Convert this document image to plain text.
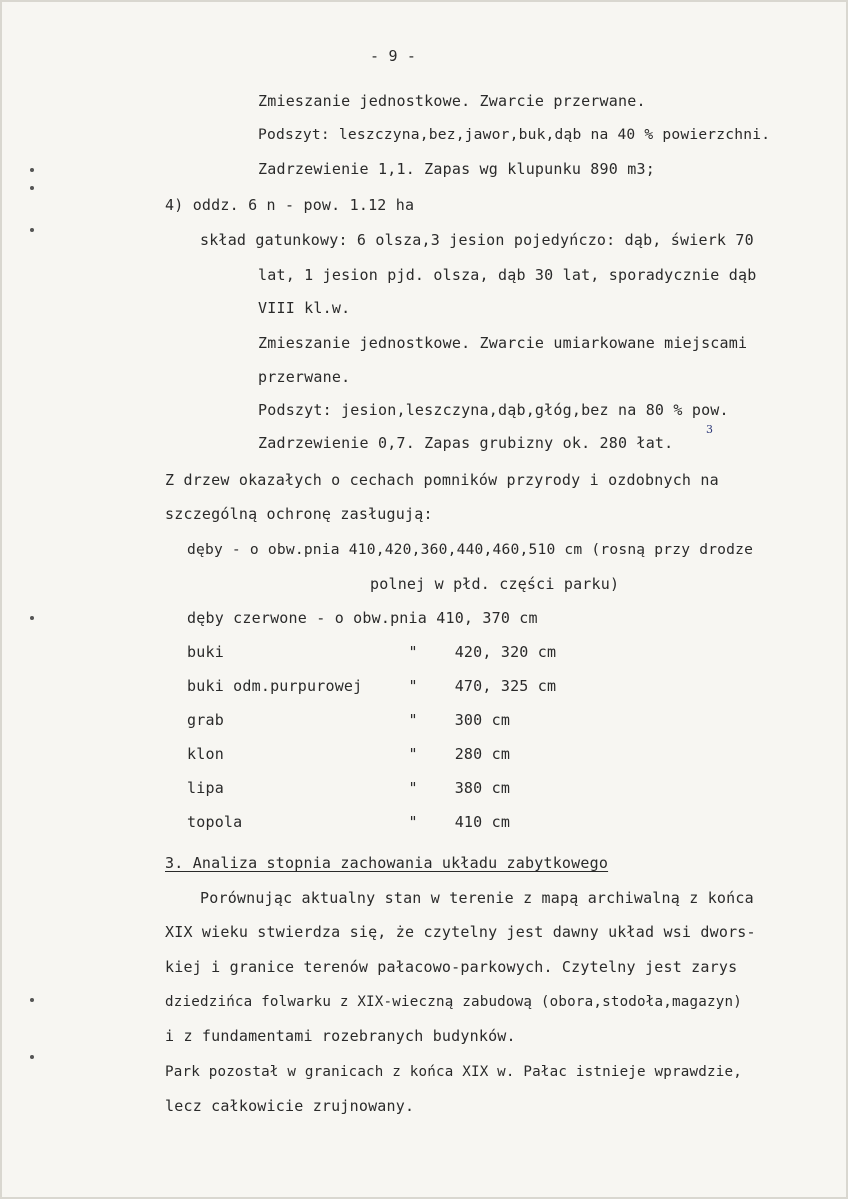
- 9 -
Zmieszanie jednostkowe. Zwarcie przerwane.
Podszyt: leszczyna,bez,jawor,buk,dąb na 40 % powierzchni.
Zadrzewienie 1,1. Zapas wg klupunku 890 m3;
4) oddz. 6 n - pow. 1.12 ha
skład gatunkowy: 6 olsza,3 jesion pojedyńczo: dąb, świerk 70
lat, 1 jesion pjd. olsza, dąb 30 lat, sporadycznie dąb
VIII kl.w.
Zmieszanie jednostkowe. Zwarcie umiarkowane miejscami
przerwane.
Podszyt: jesion,leszczyna,dąb,głóg,bez na 80 % pow.
Zadrzewienie 0,7. Zapas grubizny ok. 280 łat.
3
Z drzew okazałych o cechach pomników przyrody i ozdobnych na
szczególną ochronę zasługują:
dęby - o obw.pnia 410,420,360,440,460,510 cm (rosną przy drodze
polnej w płd. części parku)
dęby czerwone - o obw.pnia 410, 370 cm
buki                    "    420, 320 cm
buki odm.purpurowej     "    470, 325 cm
grab                    "    300 cm
klon                    "    280 cm
lipa                    "    380 cm
topola                  "    410 cm
3. Analiza stopnia zachowania układu zabytkowego
Porównując aktualny stan w terenie z mapą archiwalną z końca
XIX wieku stwierdza się, że czytelny jest dawny układ wsi dwors-
kiej i granice terenów pałacowo-parkowych. Czytelny jest zarys
dziedzińca folwarku z XIX-wieczną zabudową (obora,stodoła,magazyn)
i z fundamentami rozebranych budynków.
Park pozostał w granicach z końca XIX w. Pałac istnieje wprawdzie,
lecz całkowicie zrujnowany.
